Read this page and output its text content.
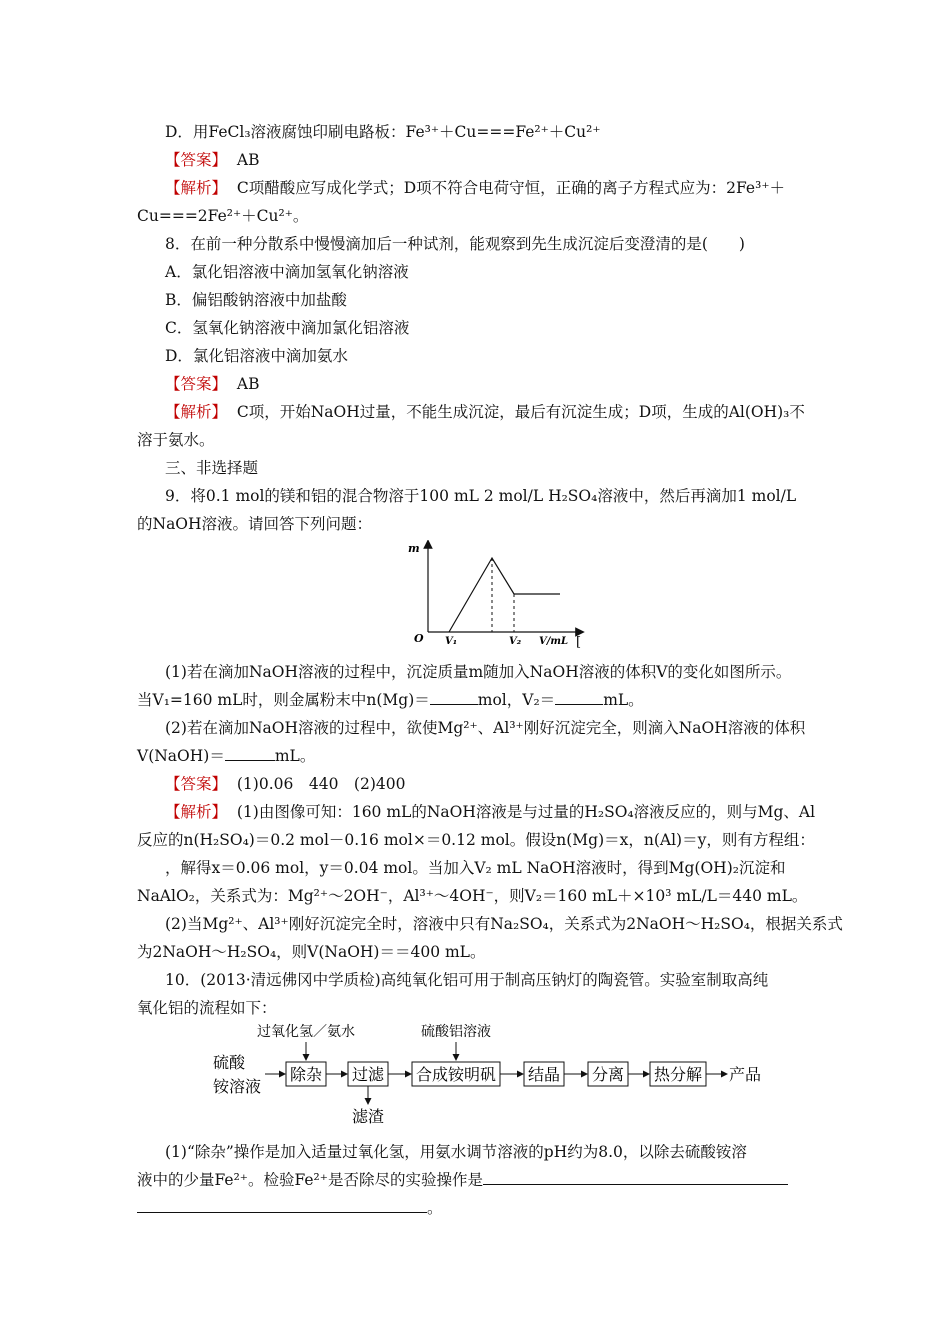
D．用FeCl₃溶液腐蚀印刷电路板：Fe³⁺＋Cu===Fe²⁺＋Cu²⁺
【答案】 AB
【解析】 C项醋酸应写成化学式；D项不符合电荷守恒，正确的离子方程式应为：2Fe³⁺＋
Cu===2Fe²⁺＋Cu²⁺。
8．在前一种分散系中慢慢滴加后一种试剂，能观察到先生成沉淀后变澄清的是(　　)
A．氯化铝溶液中滴加氢氧化钠溶液
B．偏铝酸钠溶液中加盐酸
C．氢氧化钠溶液中滴加氯化铝溶液
D．氯化铝溶液中滴加氨水
【答案】 AB
【解析】 C项，开始NaOH过量，不能生成沉淀，最后有沉淀生成；D项，生成的Al(OH)₃不
溶于氨水。
三、非选择题
9．将0.1 mol的镁和铝的混合物溶于100 mL 2 mol/L H₂SO₄溶液中，然后再滴加1 mol/L
的NaOH溶液。请回答下列问题：
m
O V₁	V₂ V/mL [
(1)若在滴加NaOH溶液的过程中，沉淀质量m随加入NaOH溶液的体积V的变化如图所示。
当V₁=160 mL时，则金属粉末中n(Mg)＝	mol，V₂＝	mL。
(2)若在滴加NaOH溶液的过程中，欲使Mg²⁺、Al³⁺刚好沉淀完全，则滴入NaOH溶液的体积
V(NaOH)＝	mL。
【答案】 (1)0.06　440　(2)400
【解析】 (1)由图像可知：160 mL的NaOH溶液是与过量的H₂SO₄溶液反应的，则与Mg、Al
反应的n(H₂SO₄)＝0.2 mol－0.16 mol×＝0.12 mol。假设n(Mg)＝x，n(Al)＝y，则有方程组：
，解得x＝0.06 mol，y＝0.04 mol。当加入V₂ mL NaOH溶液时，得到Mg(OH)₂沉淀和
NaAlO₂，关系式为：Mg²⁺～2OH⁻，Al³⁺～4OH⁻，则V₂＝160 mL＋×10³ mL/L＝440 mL。
(2)当Mg²⁺、Al³⁺刚好沉淀完全时，溶液中只有Na₂SO₄，关系式为2NaOH～H₂SO₄，根据关系式
为2NaOH～H₂SO₄，则V(NaOH)＝＝400 mL。
10．(2013·清远佛冈中学质检)高纯氧化铝可用于制高压钠灯的陶瓷管。实验室制取高纯
氧化铝的流程如下：
硫酸
铵溶液
除杂 过滤 合成铵明矾 结晶 分离 热分解 产品
过氧化氢／氨水	硫酸铝溶液
滤渣
(1)“除杂”操作是加入适量过氧化氢，用氨水调节溶液的pH约为8.0，以除去硫酸铵溶
液中的少量Fe²⁺。检验Fe²⁺是否除尽的实验操作是
。
